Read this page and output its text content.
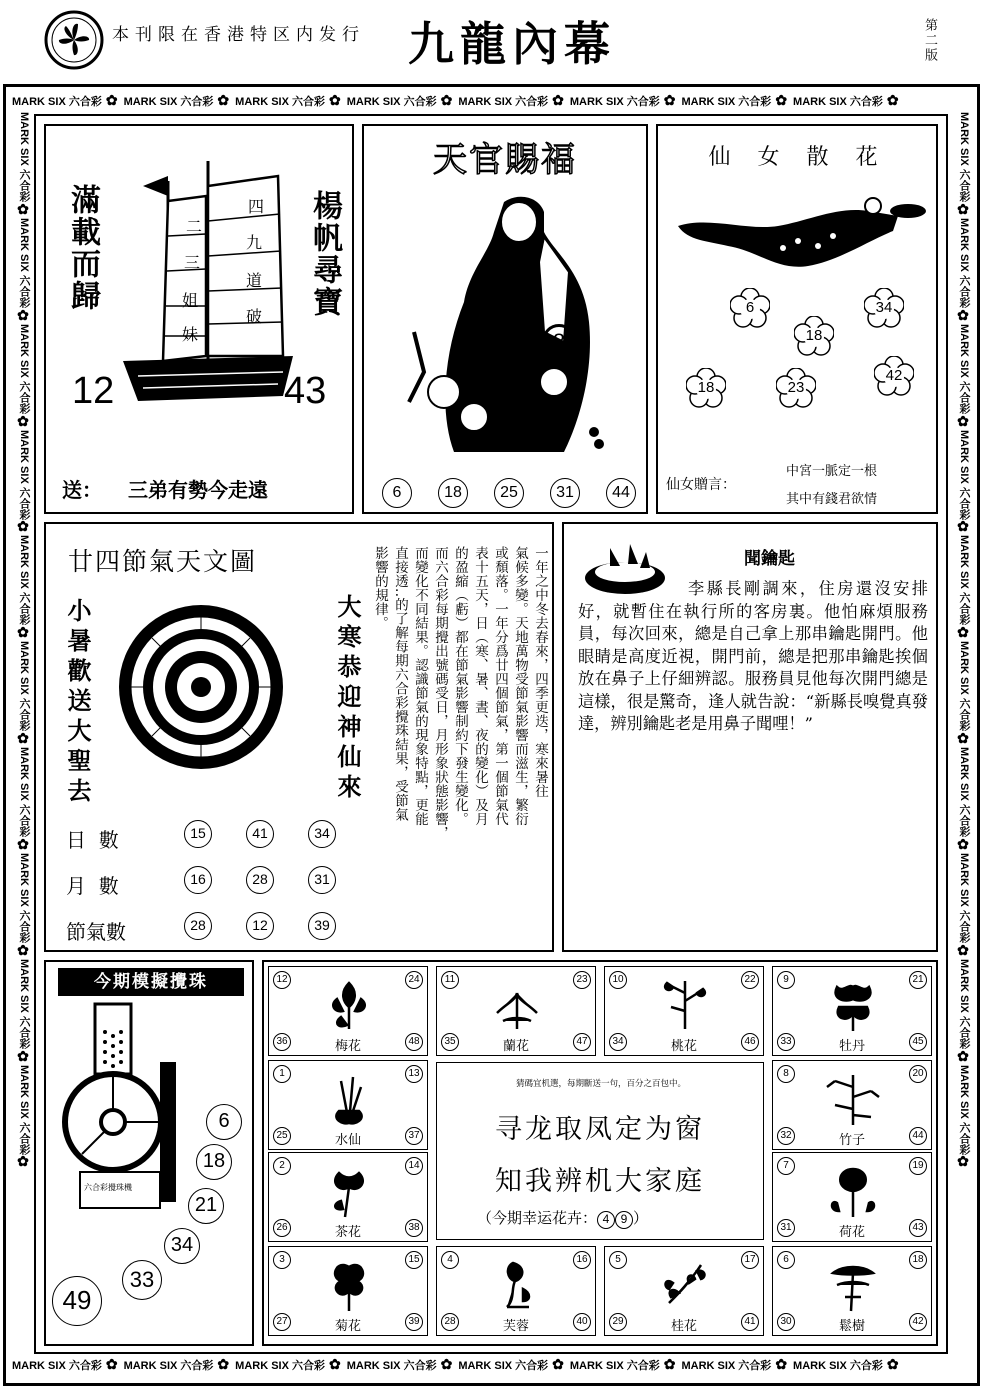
本刊限在香港特区内发行 九龍內幕	第二版
MARK SIX 六合彩 ✿ MARK SIX 六合彩 ✿ MARK SIX 六合彩 ✿ MARK SIX 六合彩 ✿ MARK SIX 六合彩 ✿ MARK SIX 六合彩 ✿ MARK SIX 六合彩 ✿ MARK SIX 六合彩 ✿
MARK SIX 六合彩 ✿ MARK SIX 六合彩 ✿ MARK SIX 六合彩 ✿ MARK SIX 六合彩 ✿ MARK SIX 六合彩 ✿ MARK SIX 六合彩 ✿ MARK SIX 六合彩 ✿ MARK SIX 六合彩 ✿
MARK SIX 六合彩✿MARK SIX 六合彩✿MARK SIX 六合彩✿MARK SIX 六合彩✿MARK SIX 六合彩✿MARK SIX 六合彩✿MARK SIX 六合彩✿MARK SIX 六合彩✿MARK SIX 六合彩✿MARK SIX 六合彩✿
MARK SIX 六合彩✿MARK SIX 六合彩✿MARK SIX 六合彩✿MARK SIX 六合彩✿MARK SIX 六合彩✿MARK SIX 六合彩✿MARK SIX 六合彩✿MARK SIX 六合彩✿MARK SIX 六合彩✿MARK SIX 六合彩✿
滿載而歸	楊帆尋寶
四
九
道
破
二
三
姐
妹
12	43
送： 三弟有勢今走遠
天官賜福
8
6	18	25	31	44
仙 女 散 花
6
18
34
18	23
42
仙女贈言：
中宮一脈定一根
其中有錢君欲情
廿四節氣天文圖
小暑歡送大聖去	大寒恭迎神仙來
日  數	15	41	34
月  數	16	28	31
節氣數	28	12	39
一年之中冬去春來，四季更迭，寒來暑往
氣候多變。天地萬物受節氣影響而滋生，繁衍
或頹落。一年分爲廿四個節氣，第一個節氣代
表十五天，日（寒、暑、晝、夜的變化）及月
的盈縮（虧）都在節氣影響制約下發生變化。
而六合彩每期攪出號碼受日，月形象狀態影響，
而變化不同結果。認識節氣的現象特點，更能
直接透..的了解每期六合彩攪珠結果，受節氣
影響的規律。	聞鑰匙
李縣長剛調來，住房還沒安排好，就暫住在執行所的客房裏。他怕麻煩服務員，每次回來，總是自己拿上那串鑰匙開門。他眼睛是高度近視，開門前，總是把那串鑰匙挨個放在鼻子上仔細辨認。服務員見他每次開門總是這樣，很是驚奇，逢人就告說：“新縣長嗅覺真發達，辨別鑰匙老是用鼻子聞哩！”
今期模擬攪珠
六合彩攪珠機
6
18
21
34
33
49
猜碼宜机選，每期斷送一句，百分之百包中。
寻龙取凤定为窗
知我辨机大家庭
（今期幸运花卉： 4 9 ）
12	24
36	48
梅花
11	23
35	47
蘭花
10	22
34	46
桃花
9	21
33	45
牡丹
1	13
25	37
水仙
8	20
32	44
竹子
2	14
26	38
茶花
7	19
31	43
荷花
3	15
27	39
菊花
4	16
28	40
芙蓉
5	17
29	41
桂花
6	18
30	42
鬆樹
